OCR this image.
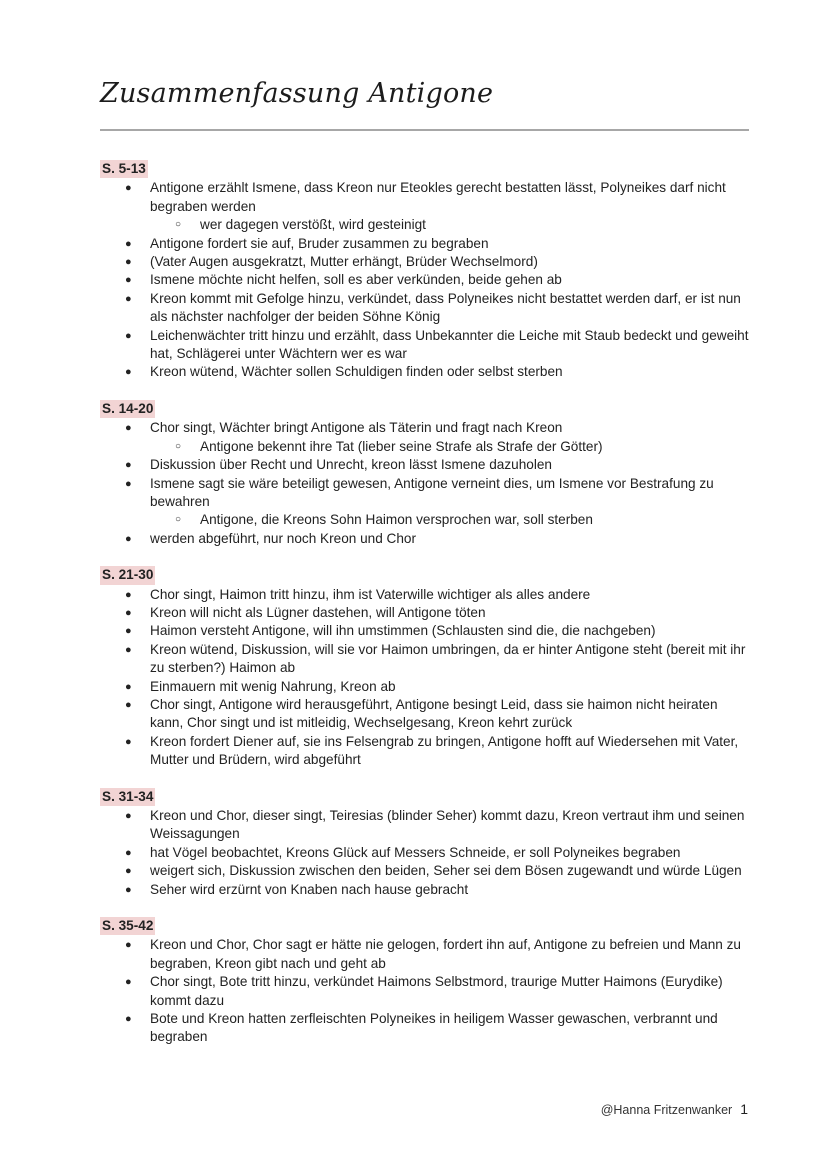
Zusammenfassung Antigone
S. 5-13
● Antigone erzählt Ismene, dass Kreon nur Eteokles gerecht bestatten lässt, Polyneikes darf nicht begraben werden
○ wer dagegen verstößt, wird gesteinigt
● Antigone fordert sie auf, Bruder zusammen zu begraben
● (Vater Augen ausgekratzt, Mutter erhängt, Brüder Wechselmord)
● Ismene möchte nicht helfen, soll es aber verkünden, beide gehen ab
● Kreon kommt mit Gefolge hinzu, verkündet, dass Polyneikes nicht bestattet werden darf, er ist nun als nächster nachfolger der beiden Söhne König
● Leichenwächter tritt hinzu und erzählt, dass Unbekannter die Leiche mit Staub bedeckt und geweiht hat, Schlägerei unter Wächtern wer es war
● Kreon wütend, Wächter sollen Schuldigen finden oder selbst sterben
S. 14-20
● Chor singt, Wächter bringt Antigone als Täterin und fragt nach Kreon
○ Antigone bekennt ihre Tat (lieber seine Strafe als Strafe der Götter)
● Diskussion über Recht und Unrecht, kreon lässt Ismene dazuholen
● Ismene sagt sie wäre beteiligt gewesen, Antigone verneint dies, um Ismene vor Bestrafung zu bewahren
○ Antigone, die Kreons Sohn Haimon versprochen war, soll sterben
● werden abgeführt, nur noch Kreon und Chor
S. 21-30
● Chor singt, Haimon tritt hinzu, ihm ist Vaterwille wichtiger als alles andere
● Kreon will nicht als Lügner dastehen, will Antigone töten
● Haimon versteht Antigone, will ihn umstimmen (Schlausten sind die, die nachgeben)
● Kreon wütend, Diskussion, will sie vor Haimon umbringen, da er hinter Antigone steht (bereit mit ihr zu sterben?) Haimon ab
● Einmauern mit wenig Nahrung, Kreon ab
● Chor singt, Antigone wird herausgeführt, Antigone besingt Leid, dass sie haimon nicht heiraten kann, Chor singt und ist mitleidig, Wechselgesang, Kreon kehrt zurück
● Kreon fordert Diener auf, sie ins Felsengrab zu bringen, Antigone hofft auf Wiedersehen mit Vater, Mutter und Brüdern, wird abgeführt
S. 31-34
● Kreon und Chor, dieser singt, Teiresias (blinder Seher) kommt dazu, Kreon vertraut ihm und seinen Weissagungen
● hat Vögel beobachtet, Kreons Glück auf Messers Schneide, er soll Polyneikes begraben
● weigert sich, Diskussion zwischen den beiden, Seher sei dem Bösen zugewandt und würde Lügen
● Seher wird erzürnt von Knaben nach hause gebracht
S. 35-42
● Kreon und Chor, Chor sagt er hätte nie gelogen, fordert ihn auf, Antigone zu befreien und Mann zu begraben, Kreon gibt nach und geht ab
● Chor singt, Bote tritt hinzu, verkündet Haimons Selbstmord, traurige Mutter Haimons (Eurydike) kommt dazu
● Bote und Kreon hatten zerfleischten Polyneikes in heiligem Wasser gewaschen, verbrannt und begraben
@Hanna Fritzenwanker 1
